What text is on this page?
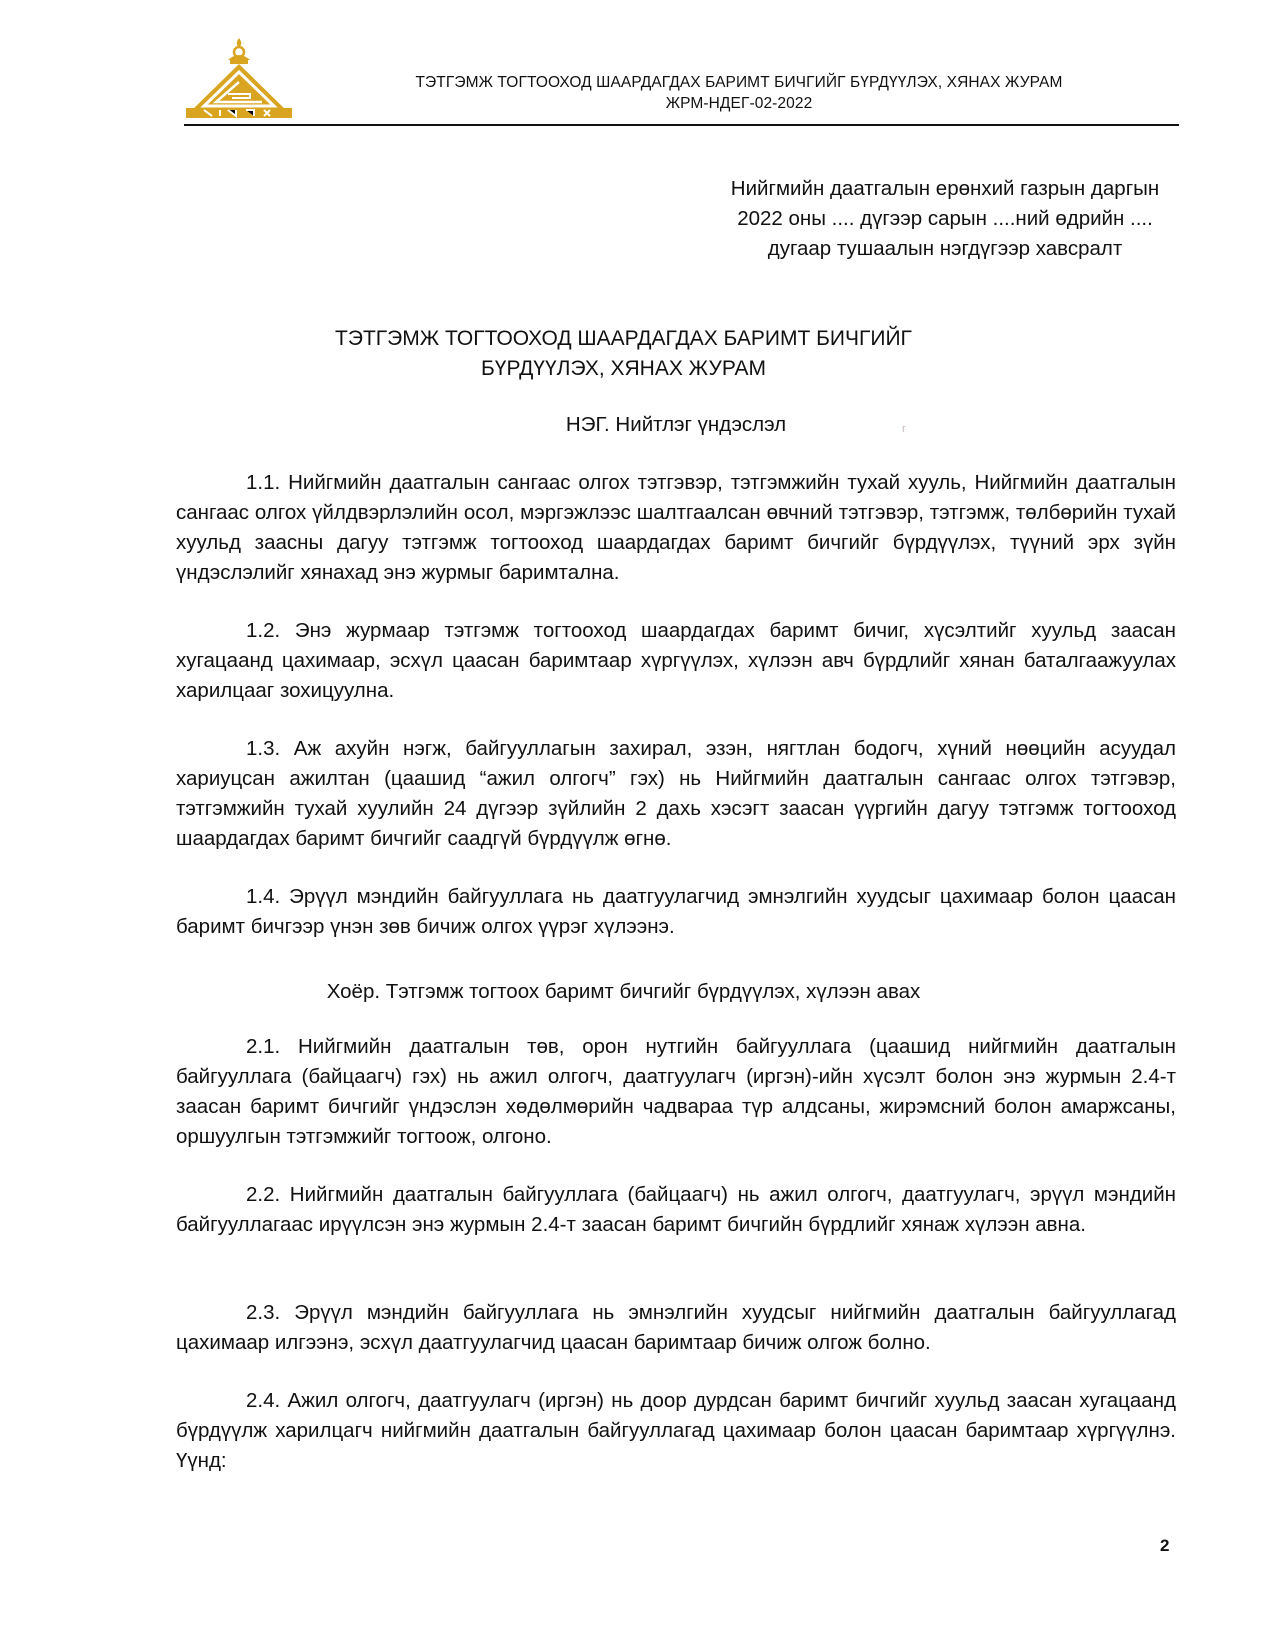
ТЭТГЭМЖ ТОГТООХОД ШААРДАГДАХ БАРИМТ БИЧГИЙГ БҮРДҮҮЛЭХ, ХЯНАХ ЖУРАМ
ЖРМ-НДЕГ-02-2022
Нийгмийн даатгалын ерөнхий газрын даргын
2022 оны .... дүгээр сарын ....ний өдрийн ....
дугаар тушаалын нэгдүгээр хавсралт
ТЭТГЭМЖ ТОГТООХОД ШААРДАГДАХ БАРИМТ БИЧГИЙГ
БҮРДҮҮЛЭХ, ХЯНАХ ЖУРАМ
НЭГ. Нийтлэг үндэслэл	г

1.1. Нийгмийн даатгалын сангаас олгох тэтгэвэр, тэтгэмжийн тухай хууль, Нийгмийн даатгалын сангаас олгох үйлдвэрлэлийн осол, мэргэжлээс шалтгаалсан өвчний тэтгэвэр, тэтгэмж, төлбөрийн тухай хуульд заасны дагуу тэтгэмж тогтооход шаардагдах баримт бичгийг бүрдүүлэх, түүний эрх зүйн үндэслэлийг хянахад энэ журмыг баримтална.

1.2. Энэ журмаар тэтгэмж тогтооход шаардагдах баримт бичиг, хүсэлтийг хуульд заасан хугацаанд цахимаар, эсхүл цаасан баримтаар хүргүүлэх, хүлээн авч бүрдлийг хянан баталгаажуулах харилцааг зохицуулна.

1.3. Аж ахуйн нэгж, байгууллагын захирал, эзэн, нягтлан бодогч, хүний нөөцийн асуудал хариуцсан ажилтан (цаашид “ажил олгогч” гэх) нь Нийгмийн даатгалын сангаас олгох тэтгэвэр, тэтгэмжийн тухай хуулийн 24 дүгээр зүйлийн 2 дахь хэсэгт заасан үүргийн дагуу тэтгэмж тогтооход шаардагдах баримт бичгийг саадгүй бүрдүүлж өгнө.

1.4. Эрүүл мэндийн байгууллага нь даатгуулагчид эмнэлгийн хуудсыг цахимаар болон цаасан баримт бичгээр үнэн зөв бичиж олгох үүрэг хүлээнэ.

Хоёр. Тэтгэмж тогтоох баримт бичгийг бүрдүүлэх, хүлээн авах

2.1. Нийгмийн даатгалын төв, орон нутгийн байгууллага (цаашид нийгмийн даатгалын байгууллага (байцаагч) гэх) нь ажил олгогч, даатгуулагч (иргэн)-ийн хүсэлт болон энэ журмын 2.4-т заасан баримт бичгийг үндэслэн хөдөлмөрийн чадвараа түр алдсаны, жирэмсний болон амаржсаны, оршуулгын тэтгэмжийг тогтоож, олгоно.

2.2. Нийгмийн даатгалын байгууллага (байцаагч) нь ажил олгогч, даатгуулагч, эрүүл мэндийн байгууллагаас ирүүлсэн энэ журмын 2.4-т заасан баримт бичгийн бүрдлийг хянаж хүлээн авна.

2.3. Эрүүл мэндийн байгууллага нь эмнэлгийн хуудсыг нийгмийн даатгалын байгууллагад цахимаар илгээнэ, эсхүл даатгуулагчид цаасан баримтаар бичиж олгож болно.

2.4. Ажил олгогч, даатгуулагч (иргэн) нь доор дурдсан баримт бичгийг хуульд заасан хугацаанд бүрдүүлж харилцагч нийгмийн даатгалын байгууллагад цахимаар болон цаасан баримтаар хүргүүлнэ. Үүнд:

2
